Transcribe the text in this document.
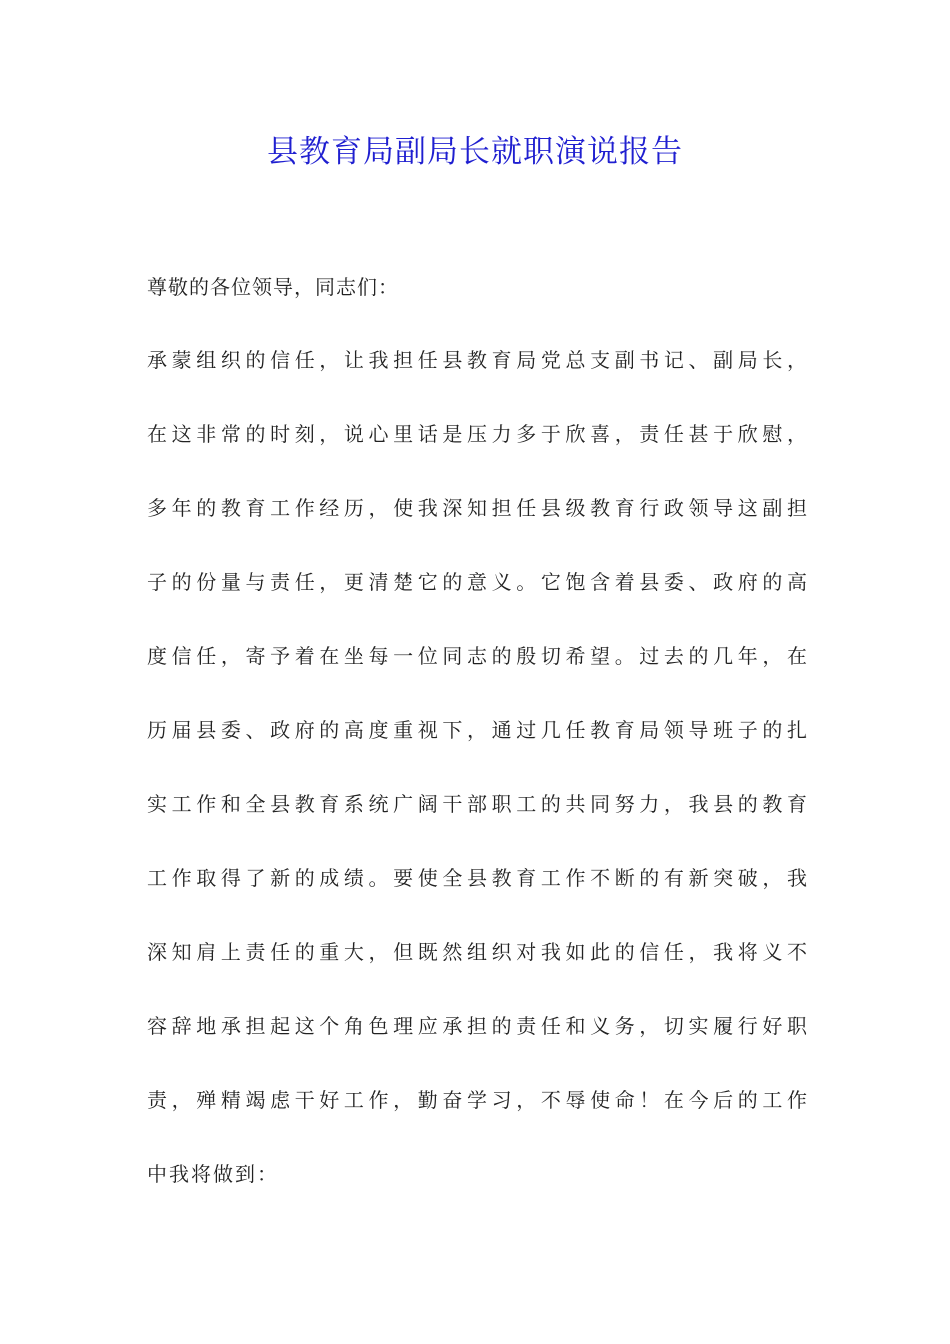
县教育局副局长就职演说报告
尊敬的各位领导，同志们：
承蒙组织的信任，让我担任县教育局党总支副书记、副局长，
在这非常的时刻，说心里话是压力多于欣喜，责任甚于欣慰，
多年的教育工作经历，使我深知担任县级教育行政领导这副担
子的份量与责任，更清楚它的意义。它饱含着县委、政府的高
度信任，寄予着在坐每一位同志的殷切希望。过去的几年，在
历届县委、政府的高度重视下，通过几任教育局领导班子的扎
实工作和全县教育系统广阔干部职工的共同努力，我县的教育
工作取得了新的成绩。要使全县教育工作不断的有新突破，我
深知肩上责任的重大，但既然组织对我如此的信任，我将义不
容辞地承担起这个角色理应承担的责任和义务，切实履行好职
责，殚精竭虑干好工作，勤奋学习，不辱使命！在今后的工作
中我将做到：
